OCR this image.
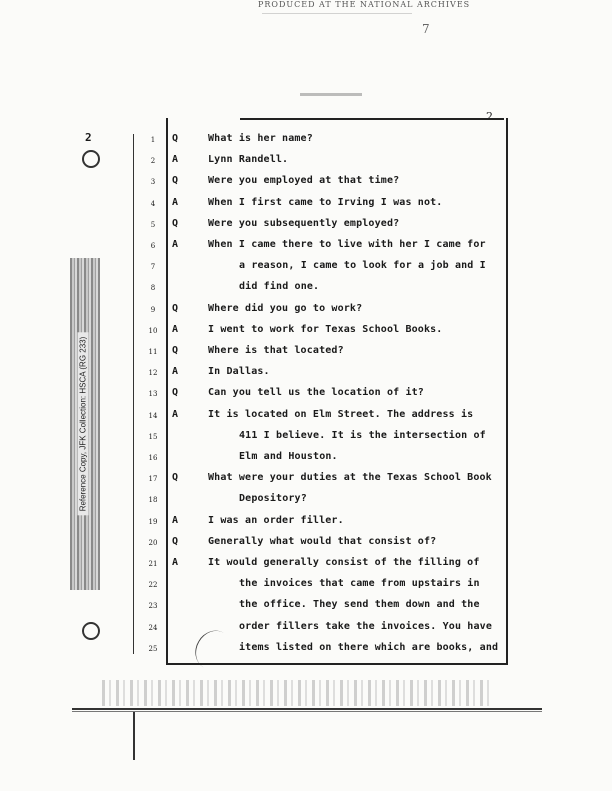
PRODUCED AT THE NATIONAL ARCHIVES
7
2
2
Reference Copy, JFK Collection: HSCA (RG 233)
1	Q	What is her name?
2	A	Lynn Randell.
3	Q	Were you employed at that time?
4	A	When I first came to Irving I was not.
5	Q	Were you subsequently employed?
6	A	When I came there to live with her I came for
7	a reason, I came to look for a job and I
8	did find one.
9	Q	Where did you go to work?
10	A	I went to work for Texas School Books.
11	Q	Where is that located?
12	A	In Dallas.
13	Q	Can you tell us the location of it?
14	A	It is located on Elm Street. The address is
15	411 I believe. It is the intersection of
16	Elm and Houston.
17	Q	What were your duties at the Texas School Book
18	Depository?
19	A	I was an order filler.
20	Q	Generally what would that consist of?
21	A	It would generally consist of the filling of
22	the invoices that came from upstairs in
23	the office. They send them down and the
24	order fillers take the invoices. You have
25	items listed on there which are books, and
